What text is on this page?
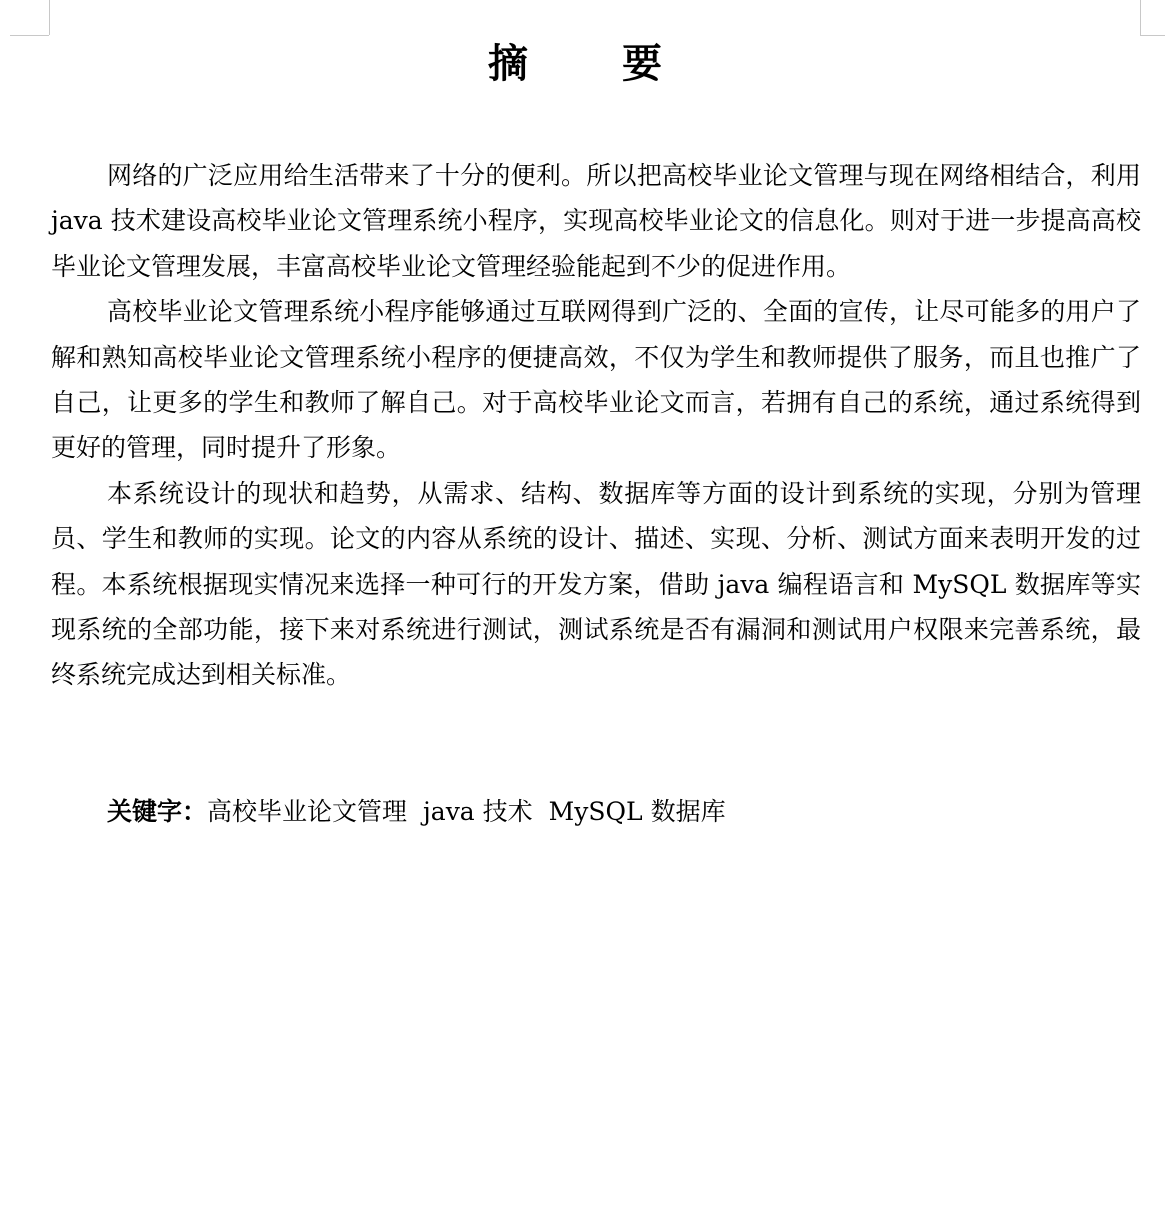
摘 要

网络的广泛应用给生活带来了十分的便利。所以把高校毕业论文管理与现在网络相结合，利用 java 技术建设高校毕业论文管理系统小程序，实现高校毕业论文的信息化。则对于进一步提高高校毕业论文管理发展，丰富高校毕业论文管理经验能起到不少的促进作用。

高校毕业论文管理系统小程序能够通过互联网得到广泛的、全面的宣传，让尽可能多的用户了解和熟知高校毕业论文管理系统小程序的便捷高效，不仅为学生和教师提供了服务，而且也推广了自己，让更多的学生和教师了解自己。对于高校毕业论文而言，若拥有自己的系统，通过系统得到更好的管理，同时提升了形象。

本系统设计的现状和趋势，从需求、结构、数据库等方面的设计到系统的实现，分别为管理员、学生和教师的实现。论文的内容从系统的设计、描述、实现、分析、测试方面来表明开发的过程。本系统根据现实情况来选择一种可行的开发方案，借助 java 编程语言和 MySQL 数据库等实现系统的全部功能，接下来对系统进行测试，测试系统是否有漏洞和测试用户权限来完善系统，最终系统完成达到相关标准。

关键字：高校毕业论文管理 java 技术 MySQL 数据库
